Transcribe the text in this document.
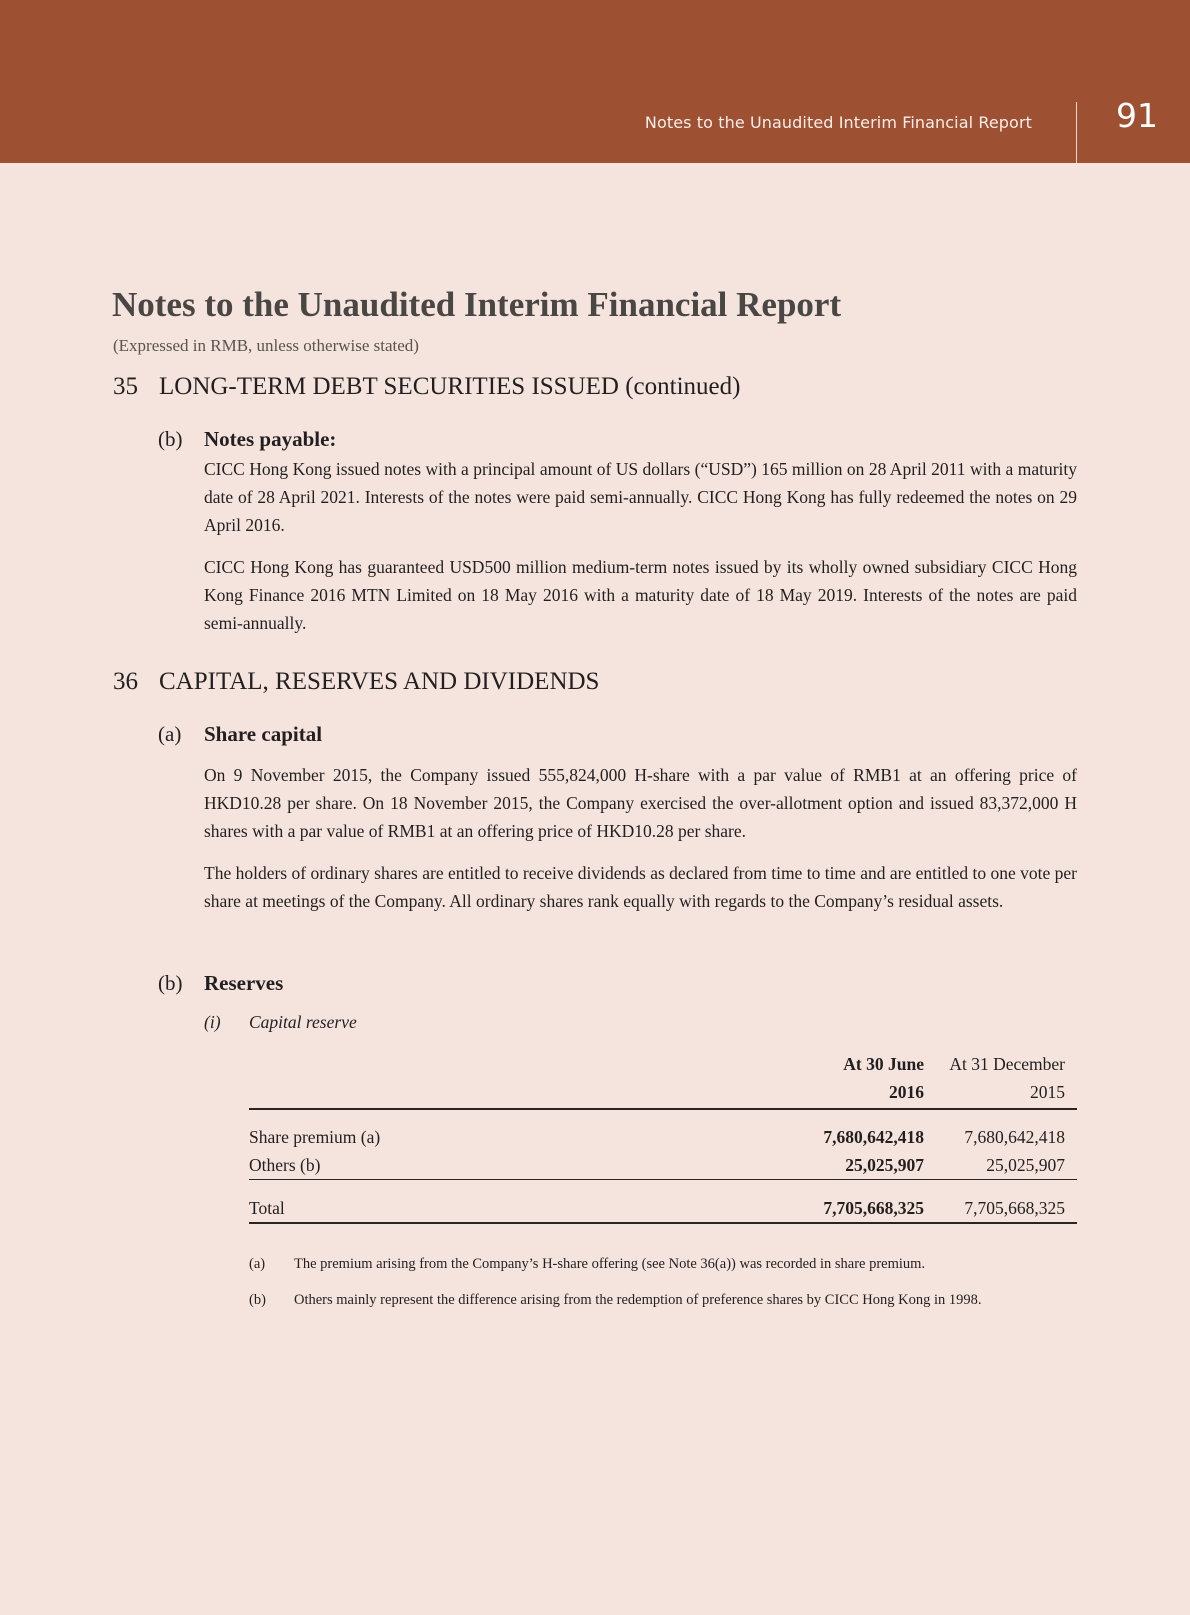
Notes to the Unaudited Interim Financial Report	91
Notes to the Unaudited Interim Financial Report
(Expressed in RMB, unless otherwise stated)
35 LONG-TERM DEBT SECURITIES ISSUED (continued)
(b) Notes payable:

CICC Hong Kong issued notes with a principal amount of US dollars (“USD”) 165 million on 28 April 2011 with a maturity date of 28 April 2021. Interests of the notes were paid semi-annually. CICC Hong Kong has fully redeemed the notes on 29 April 2016.

CICC Hong Kong has guaranteed USD500 million medium-term notes issued by its wholly owned subsidiary CICC Hong Kong Finance 2016 MTN Limited on 18 May 2016 with a maturity date of 18 May 2019. Interests of the notes are paid semi-annually.

36 CAPITAL, RESERVES AND DIVIDENDS
(a) Share capital

On 9 November 2015, the Company issued 555,824,000 H-share with a par value of RMB1 at an offering price of HKD10.28 per share. On 18 November 2015, the Company exercised the over-allotment option and issued 83,372,000 H shares with a par value of RMB1 at an offering price of HKD10.28 per share.

The holders of ordinary shares are entitled to receive dividends as declared from time to time and are entitled to one vote per share at meetings of the Company. All ordinary shares rank equally with regards to the Company’s residual assets.

(b) Reserves
(i) Capital reserve
At 30 June
2016
At 31 December
2015
Share premium (a)	7,680,642,418 7,680,642,418
Others (b)	25,025,907	25,025,907
Total	7,705,668,325 7,705,668,325
(a) The premium arising from the Company’s H-share offering (see Note 36(a)) was recorded in share premium.
(b) Others mainly represent the difference arising from the redemption of preference shares by CICC Hong Kong in 1998.
